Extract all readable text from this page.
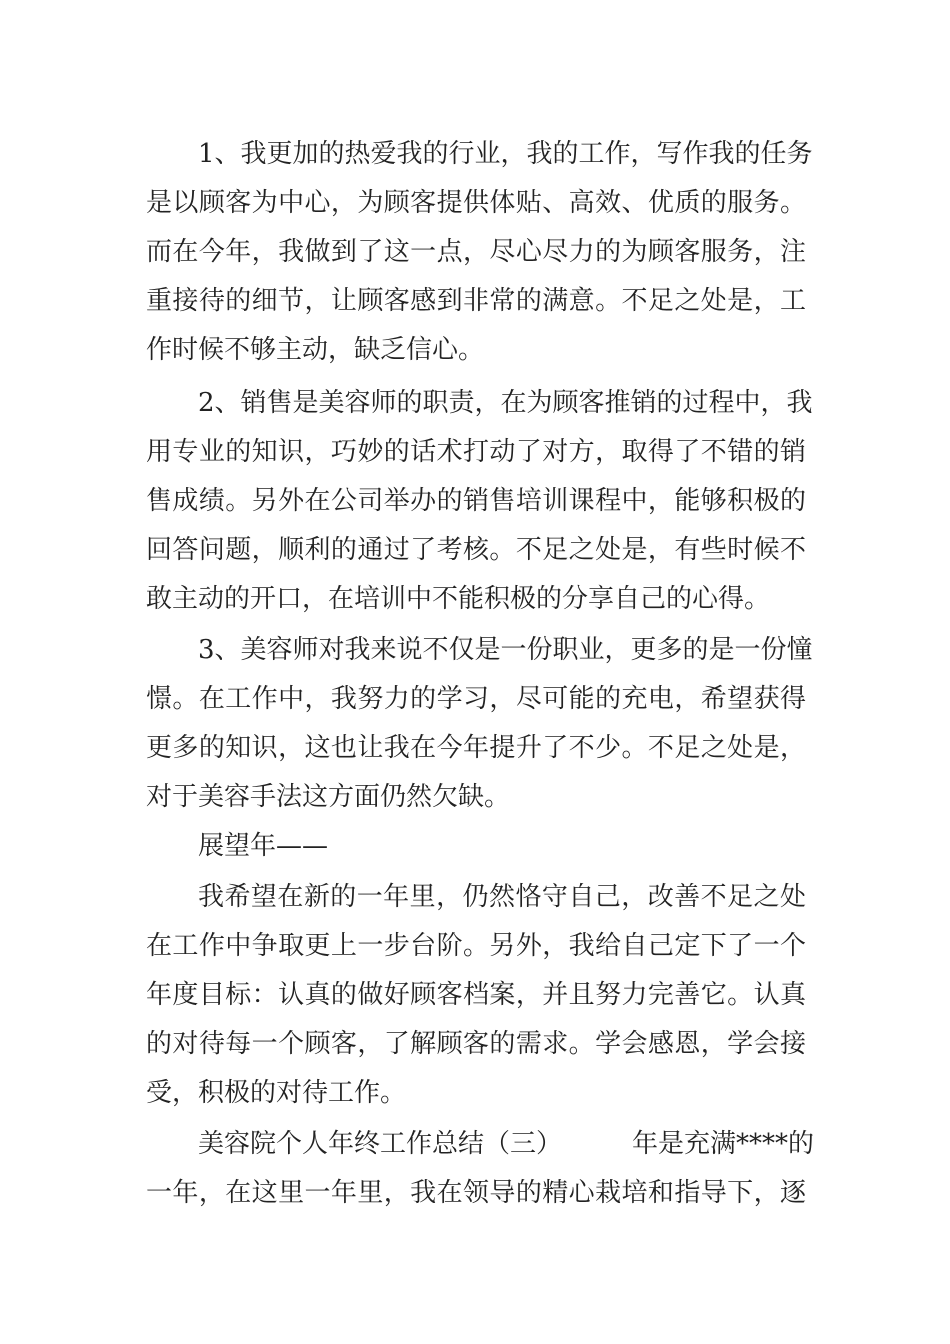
1、我更加的热爱我的行业，我的工作，写作我的任务
是以顾客为中心，为顾客提供体贴、高效、优质的服务。
而在今年，我做到了这一点，尽心尽力的为顾客服务，注
重接待的细节，让顾客感到非常的满意。不足之处是，工
作时候不够主动，缺乏信心。
2、销售是美容师的职责，在为顾客推销的过程中，我
用专业的知识，巧妙的话术打动了对方，取得了不错的销
售成绩。另外在公司举办的销售培训课程中，能够积极的
回答问题，顺利的通过了考核。不足之处是，有些时候不
敢主动的开口，在培训中不能积极的分享自己的心得。
3、美容师对我来说不仅是一份职业，更多的是一份憧
憬。在工作中，我努力的学习，尽可能的充电，希望获得
更多的知识，这也让我在今年提升了不少。不足之处是，
对于美容手法这方面仍然欠缺。
展望年——
我希望在新的一年里，仍然恪守自己，改善不足之处
在工作中争取更上一步台阶。另外，我给自己定下了一个
年度目标：认真的做好顾客档案，并且努力完善它。认真
的对待每一个顾客，了解顾客的需求。学会感恩，学会接
受，积极的对待工作。
美容院个人年终工作总结（三）	年是充满****的
一年，在这里一年里，我在领导的精心栽培和指导下，逐
